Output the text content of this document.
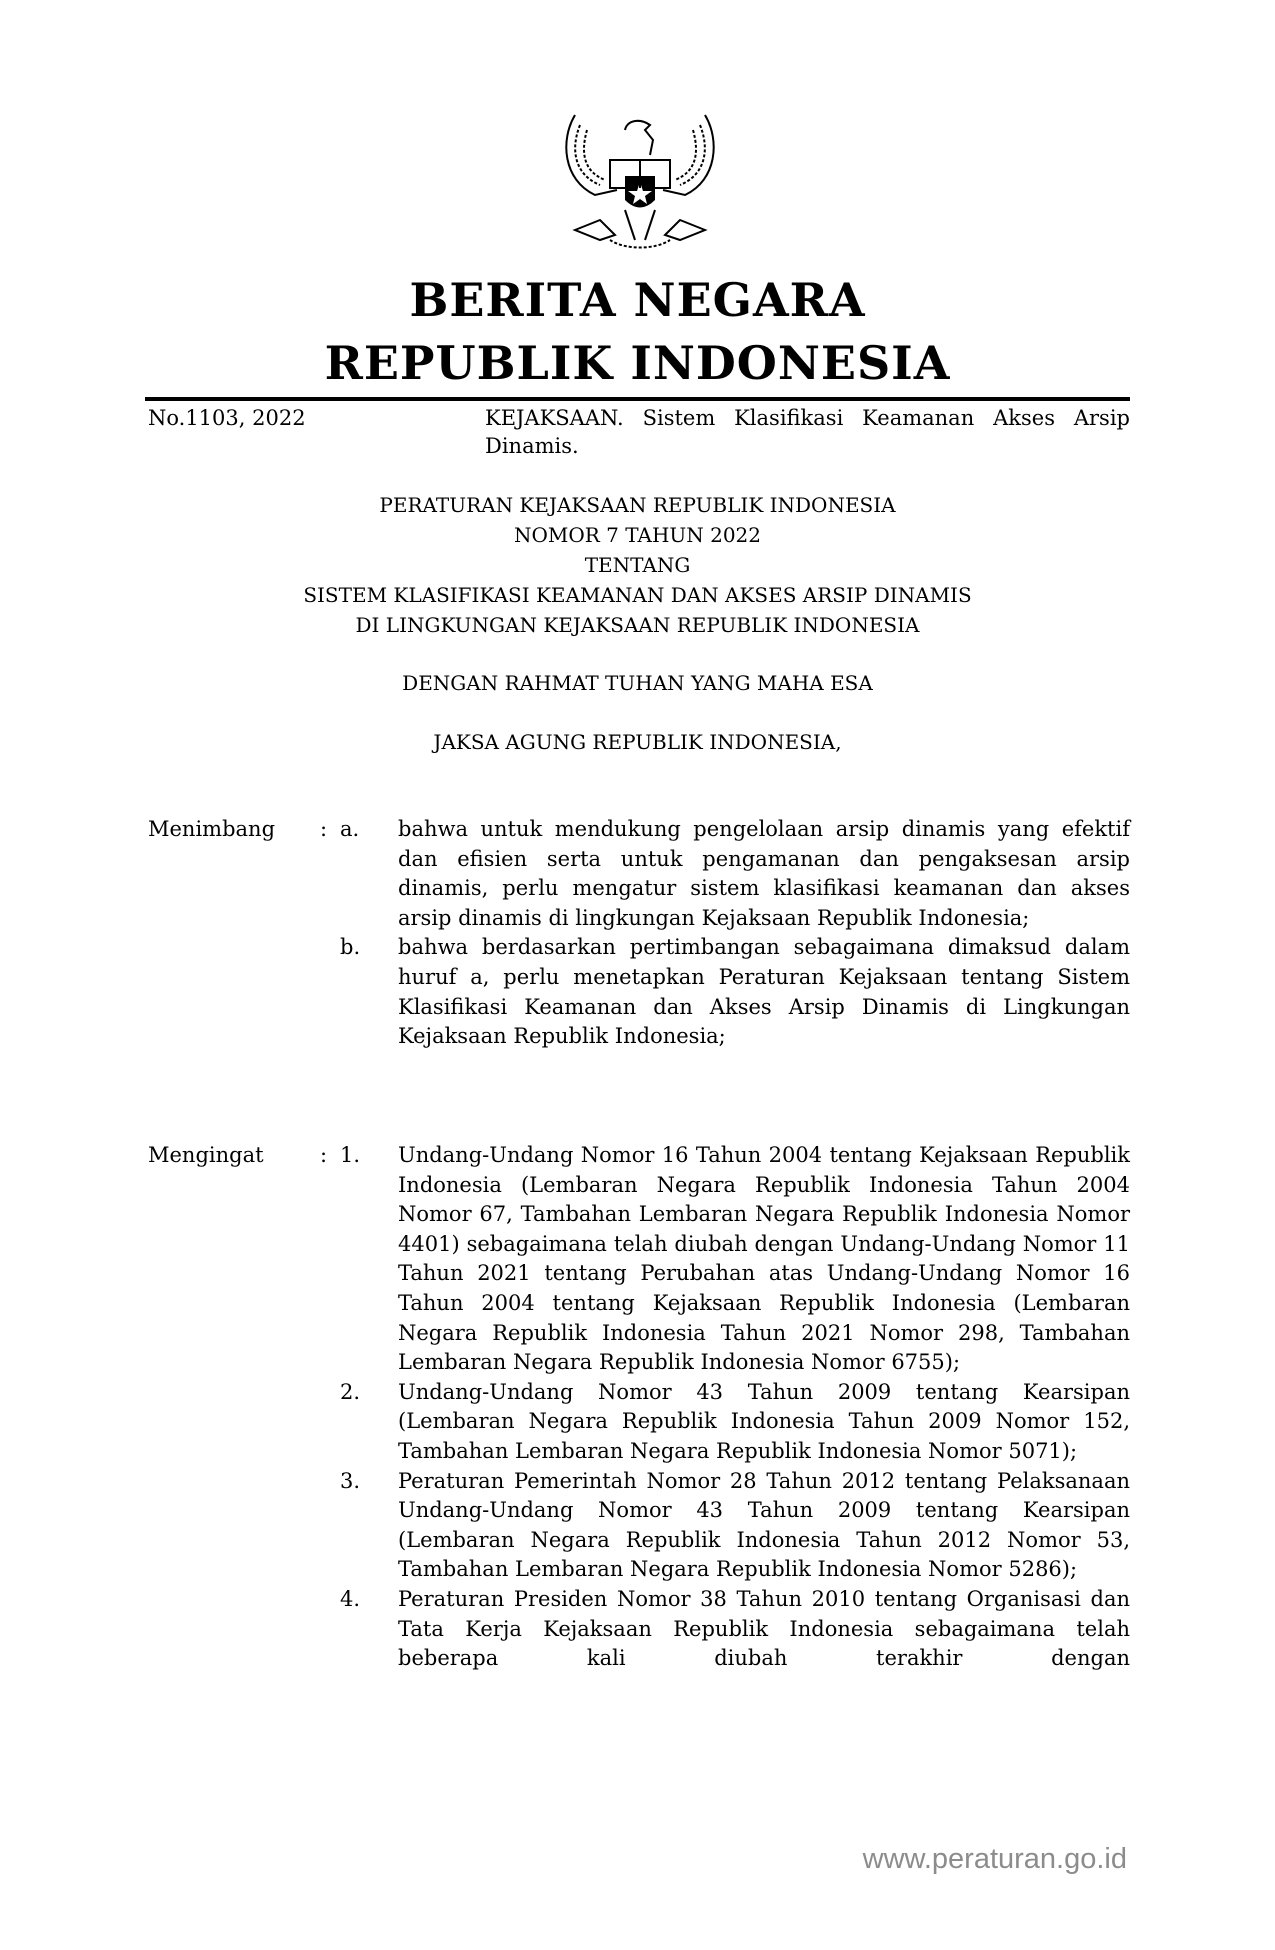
BERITA NEGARA
REPUBLIK INDONESIA
No.1103, 2022	KEJAKSAAN. Sistem Klasifikasi Keamanan Akses Arsip Dinamis.
PERATURAN KEJAKSAAN REPUBLIK INDONESIA
NOMOR 7 TAHUN 2022
TENTANG
SISTEM KLASIFIKASI KEAMANAN DAN AKSES ARSIP DINAMIS
DI LINGKUNGAN KEJAKSAAN REPUBLIK INDONESIA
DENGAN RAHMAT TUHAN YANG MAHA ESA
JAKSA AGUNG REPUBLIK INDONESIA,
Menimbang	: a.	bahwa untuk mendukung pengelolaan arsip dinamis yang efektif dan efisien serta untuk pengamanan dan pengaksesan arsip dinamis, perlu mengatur sistem klasifikasi keamanan dan akses arsip dinamis di lingkungan Kejaksaan Republik Indonesia;
b.	bahwa berdasarkan pertimbangan sebagaimana dimaksud dalam huruf a, perlu menetapkan Peraturan Kejaksaan tentang Sistem Klasifikasi Keamanan dan Akses Arsip Dinamis di Lingkungan Kejaksaan Republik Indonesia;
Mengingat	: 1.	Undang-Undang Nomor 16 Tahun 2004 tentang Kejaksaan Republik Indonesia (Lembaran Negara Republik Indonesia Tahun 2004 Nomor 67, Tambahan Lembaran Negara Republik Indonesia Nomor 4401) sebagaimana telah diubah dengan Undang-Undang Nomor 11 Tahun 2021 tentang Perubahan atas Undang-Undang Nomor 16 Tahun 2004 tentang Kejaksaan Republik Indonesia (Lembaran Negara Republik Indonesia Tahun 2021 Nomor 298, Tambahan Lembaran Negara Republik Indonesia Nomor 6755);
2.	Undang-Undang Nomor 43 Tahun 2009 tentang Kearsipan (Lembaran Negara Republik Indonesia Tahun 2009 Nomor 152, Tambahan Lembaran Negara Republik Indonesia Nomor 5071);
3.	Peraturan Pemerintah Nomor 28 Tahun 2012 tentang Pelaksanaan Undang-Undang Nomor 43 Tahun 2009 tentang Kearsipan (Lembaran Negara Republik Indonesia Tahun 2012 Nomor 53, Tambahan Lembaran Negara Republik Indonesia Nomor 5286);
4.	Peraturan Presiden Nomor 38 Tahun 2010 tentang Organisasi dan Tata Kerja Kejaksaan Republik Indonesia sebagaimana telah beberapa kali diubah terakhir dengan
www.peraturan.go.id
